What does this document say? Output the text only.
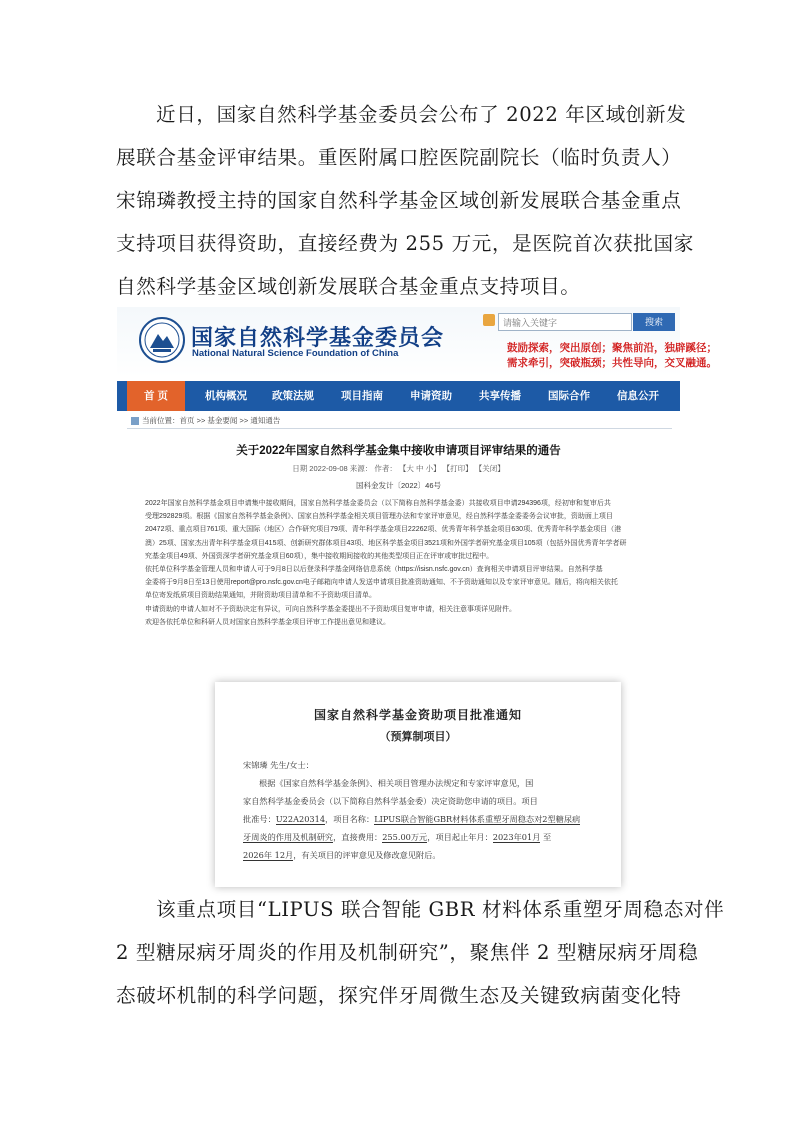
近日，国家自然科学基金委员会公布了 2022 年区域创新发
展联合基金评审结果。重医附属口腔医院副院长（临时负责人）
宋锦璘教授主持的国家自然科学基金区域创新发展联合基金重点
支持项目获得资助，直接经费为 255 万元，是医院首次获批国家
自然科学基金区域创新发展联合基金重点支持项目。
国家自然科学基金委员会
National Natural Science Foundation of China
请输入关键字	搜索
鼓励探索，突出原创；聚焦前沿，独辟蹊径；
需求牵引，突破瓶颈；共性导向，交叉融通。
首 页	机构概况	政策法规	项目指南	申请资助	共享传播	国际合作	信息公开
当前位置：首页 >> 基金要闻 >> 通知通告
关于2022年国家自然科学基金集中接收申请项目评审结果的通告
日期 2022-09-08 来源： 作者： 【大 中 小】 【打印】 【关闭】
国科金发计〔2022〕46号

2022年国家自然科学基金项目申请集中接收期间，国家自然科学基金委员会（以下简称自然科学基金委）共接收项目申请294396项，经初审和复审后共

受理292829项。根据《国家自然科学基金条例》、国家自然科学基金相关项目管理办法和专家评审意见，经自然科学基金委委务会议审批，资助面上项目

20472项、重点项目761项、重大国际（地区）合作研究项目79项、青年科学基金项目22262项、优秀青年科学基金项目630项、优秀青年科学基金项目（港

澳）25项、国家杰出青年科学基金项目415项、创新研究群体项目43项、地区科学基金项目3521项和外国学者研究基金项目105项（包括外国优秀青年学者研

究基金项目49项、外国资深学者研究基金项目60项），集中接收期间接收的其他类型项目正在评审或审批过程中。

依托单位科学基金管理人员和申请人可于9月8日以后登录科学基金网络信息系统（https://isisn.nsfc.gov.cn）查询相关申请项目评审结果。自然科学基

金委将于9月8日至13日使用report@pro.nsfc.gov.cn电子邮箱向申请人发送申请项目批准资助通知、不予资助通知以及专家评审意见。随后，将向相关依托

单位寄发纸质项目资助结果通知，并附资助项目清单和不予资助项目清单。

申请资助的申请人如对不予资助决定有异议，可向自然科学基金委提出不予资助项目复审申请，相关注意事项详见附件。

欢迎各依托单位和科研人员对国家自然科学基金项目评审工作提出意见和建议。

国家自然科学基金资助项目批准通知
（预算制项目）

宋锦璘 先生/女士：

根据《国家自然科学基金条例》、相关项目管理办法规定和专家评审意见，国

家自然科学基金委员会（以下简称自然科学基金委）决定资助您申请的项目。项目

批准号：U22A20314，项目名称：LIPUS联合智能GBR材料体系重塑牙周稳态对2型糖尿病

牙周炎的作用及机制研究，直接费用：255.00万元，项目起止年月：2023年01月 至

2026年 12月，有关项目的评审意见及修改意见附后。

该重点项目“LIPUS 联合智能 GBR 材料体系重塑牙周稳态对伴
2 型糖尿病牙周炎的作用及机制研究”，聚焦伴 2 型糖尿病牙周稳
态破坏机制的科学问题，探究伴牙周微生态及关键致病菌变化特
